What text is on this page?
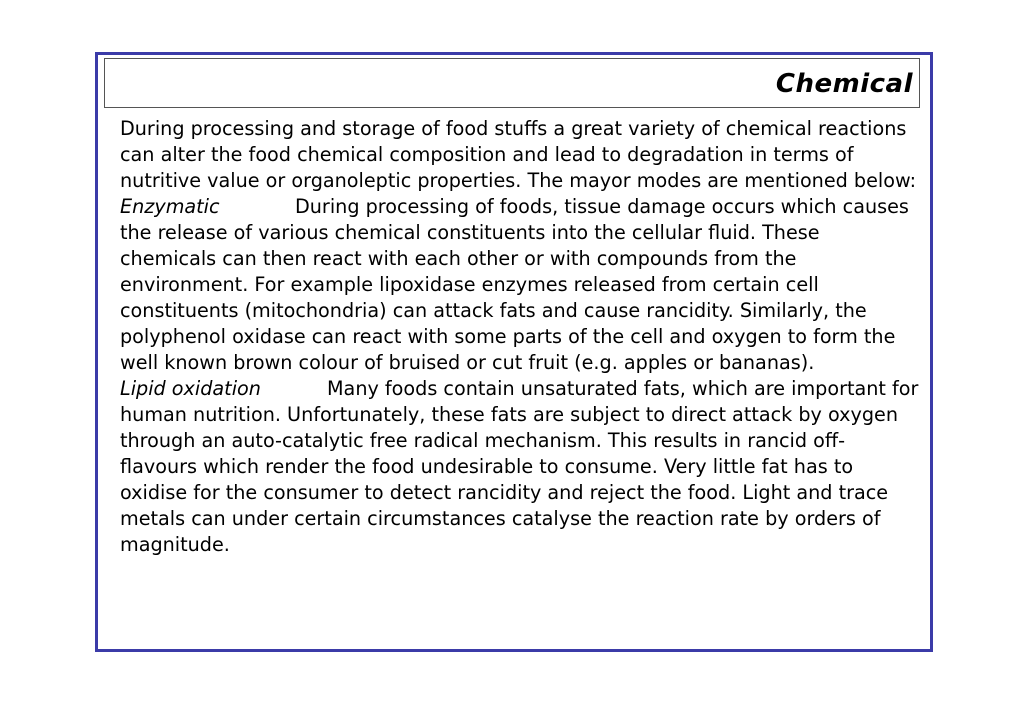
Chemical

During processing and storage of food stuffs a great variety of chemical reactions can alter the food chemical composition and lead to degradation in terms of nutritive value or organoleptic properties. The mayor modes are mentioned below:

Enzymatic	During processing of foods, tissue damage occurs which causes the release of various chemical constituents into the cellular fluid. These chemicals can then react with each other or with compounds from the environment. For example lipoxidase enzymes released from certain cell constituents (mitochondria) can attack fats and cause rancidity. Similarly, the polyphenol oxidase can react with some parts of the cell and oxygen to form the well known brown colour of bruised or cut fruit (e.g. apples or bananas).

Lipid oxidation	Many foods contain unsaturated fats, which are important for human nutrition. Unfortunately, these fats are subject to direct attack by oxygen through an auto-catalytic free radical mechanism. This results in rancid off-flavours which render the food undesirable to consume. Very little fat has to oxidise for the consumer to detect rancidity and reject the food. Light and trace metals can under certain circumstances catalyse the reaction rate by orders of magnitude.
